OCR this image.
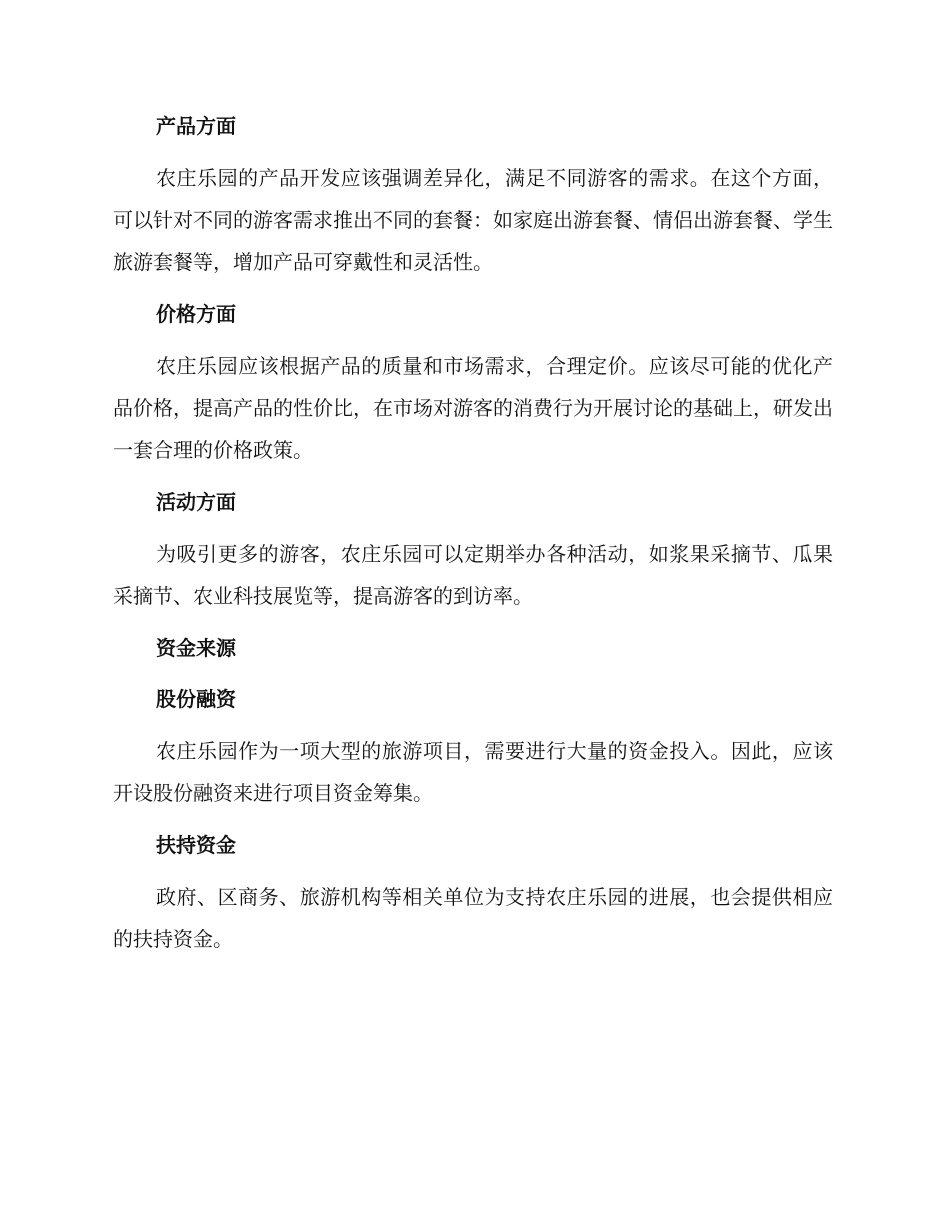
产品方面

农庄乐园的产品开发应该强调差异化，满足不同游客的需求。在这个方面，可以针对不同的游客需求推出不同的套餐：如家庭出游套餐、情侣出游套餐、学生旅游套餐等，增加产品可穿戴性和灵活性。

价格方面

农庄乐园应该根据产品的质量和市场需求，合理定价。应该尽可能的优化产品价格，提高产品的性价比，在市场对游客的消费行为开展讨论的基础上，研发出一套合理的价格政策。

活动方面

为吸引更多的游客，农庄乐园可以定期举办各种活动，如浆果采摘节、瓜果采摘节、农业科技展览等，提高游客的到访率。

资金来源
股份融资

农庄乐园作为一项大型的旅游项目，需要进行大量的资金投入。因此，应该开设股份融资来进行项目资金筹集。

扶持资金

政府、区商务、旅游机构等相关单位为支持农庄乐园的进展，也会提供相应的扶持资金。
